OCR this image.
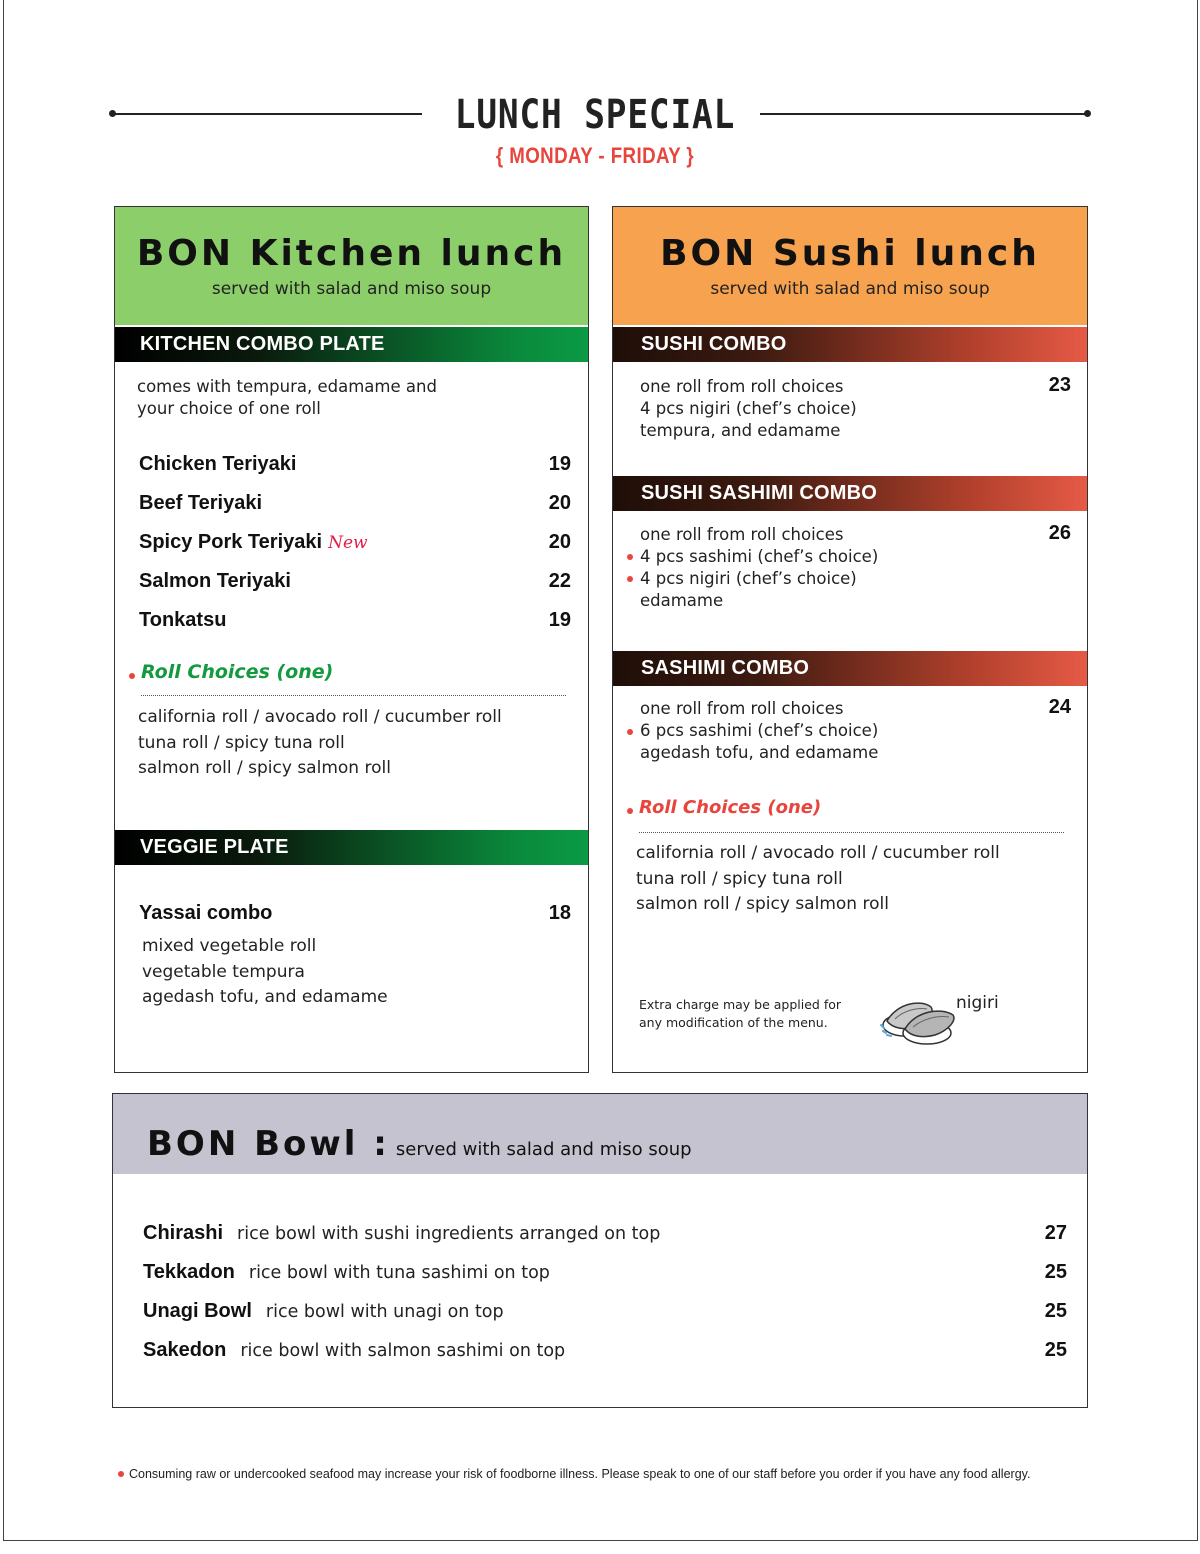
LUNCH SPECIAL
{ MONDAY - FRIDAY }
BON Kitchen lunch
served with salad and miso soup
KITCHEN COMBO PLATE
comes with tempura, edamame and
your choice of one roll
Chicken Teriyaki	19
Beef Teriyaki	20
Spicy Pork Teriyaki New	20
Salmon Teriyaki	22
Tonkatsu	19
Roll Choices (one)
california roll / avocado roll / cucumber roll
tuna roll / spicy tuna roll
salmon roll / spicy salmon roll
VEGGIE PLATE
Yassai combo	18
mixed vegetable roll
vegetable tempura
agedash tofu, and edamame
BON Sushi lunch
served with salad and miso soup
SUSHI COMBO
one roll from roll choices
4 pcs nigiri (chef’s choice)
tempura, and edamame
23
SUSHI SASHIMI COMBO
one roll from roll choices
4 pcs sashimi (chef’s choice)
4 pcs nigiri (chef’s choice)
edamame
26
SASHIMI COMBO
one roll from roll choices
6 pcs sashimi (chef’s choice)
agedash tofu, and edamame
24
Roll Choices (one)
california roll / avocado roll / cucumber roll
tuna roll / spicy tuna roll
salmon roll / spicy salmon roll
Extra charge may be applied for
any modification of the menu.
nigiri
BON Bowl : served with salad and miso soup
Chirashi rice bowl with sushi ingredients arranged on top	27
Tekkadon rice bowl with tuna sashimi on top	25
Unagi Bowl rice bowl with unagi on top	25
Sakedon rice bowl with salmon sashimi on top	25
Consuming raw or undercooked seafood may increase your risk of foodborne illness. Please speak to one of our staff before you order if you have any food allergy.
